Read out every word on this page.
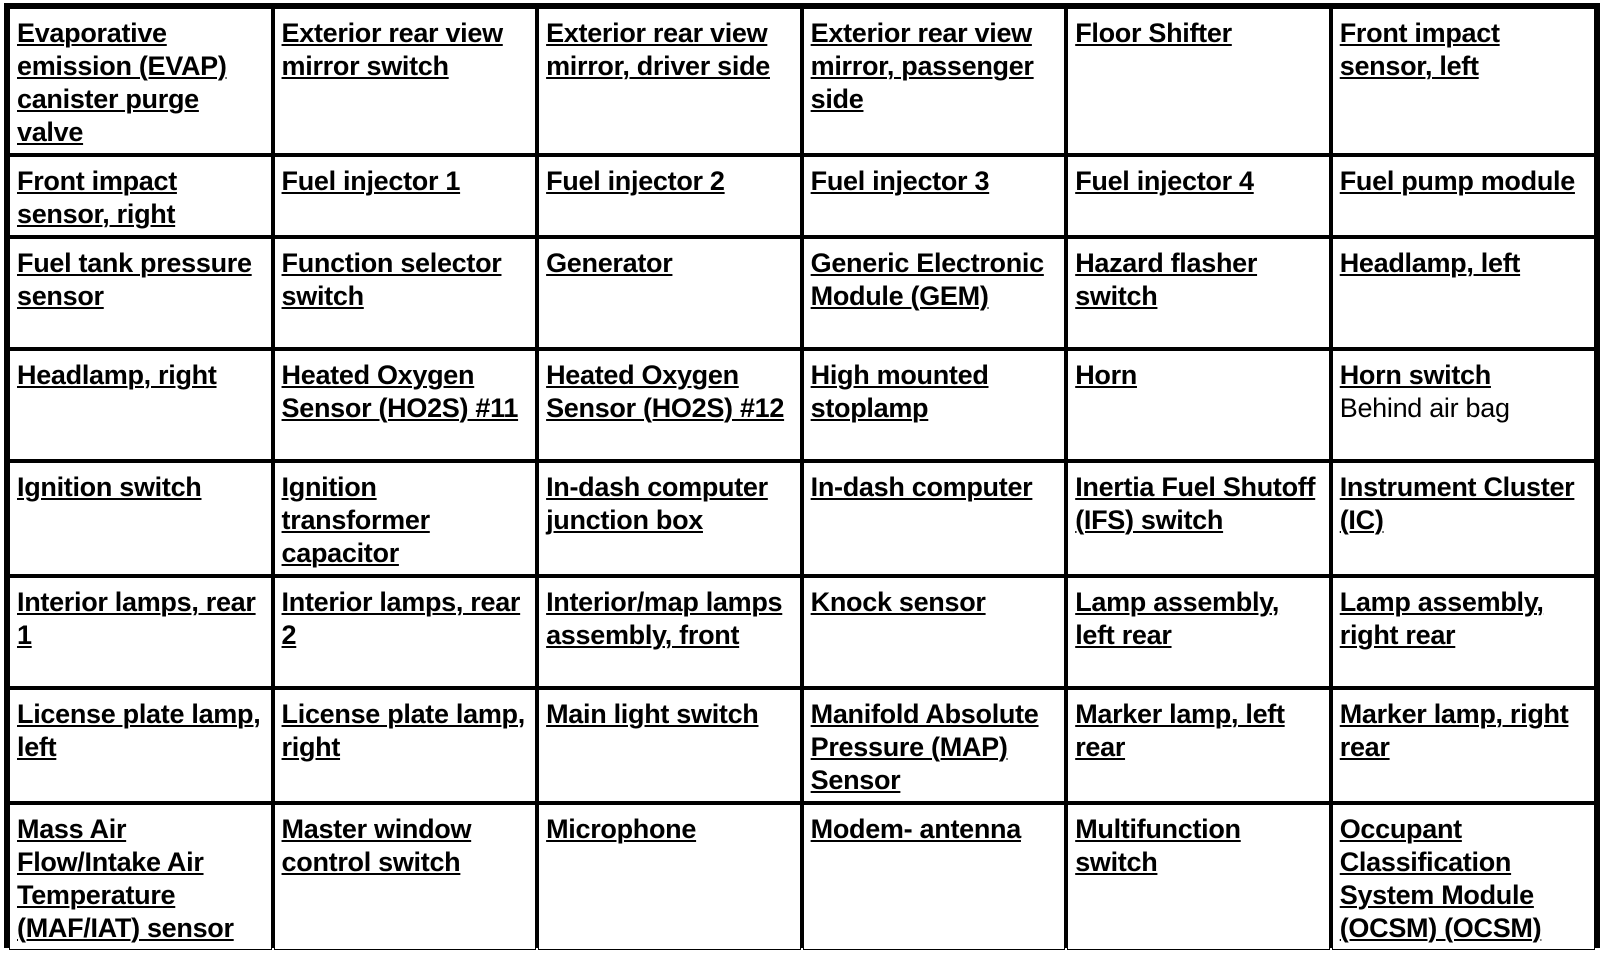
Evaporative emission (EVAP) canister purge valve	Exterior rear view mirror switch	Exterior rear view mirror, driver side	Exterior rear view mirror, passenger side	Floor Shifter	Front impact sensor, left

Front impact sensor, right	Fuel injector 1	Fuel injector 2	Fuel injector 3	Fuel injector 4	Fuel pump module

Fuel tank pressure sensor	Function selector switch	Generator	Generic Electronic Module (GEM)	Hazard flasher switch	Headlamp, left

Headlamp, right	Heated Oxygen Sensor (HO2S) #11	Heated Oxygen Sensor (HO2S) #12	High mounted stoplamp	Horn	Horn switch
Behind air bag

Ignition switch	Ignition transformer capacitor	In-dash computer junction box	In-dash computer	Inertia Fuel Shutoff (IFS) switch	Instrument Cluster (IC)

Interior lamps, rear 1	Interior lamps, rear 2	Interior/map lamps assembly, front	Knock sensor	Lamp assembly, left rear	Lamp assembly, right rear

License plate lamp, left	License plate lamp, right	Main light switch	Manifold Absolute Pressure (MAP) Sensor	Marker lamp, left rear	Marker lamp, right rear

Mass Air Flow/Intake Air Temperature (MAF/IAT) sensor	Master window control switch	Microphone	Modem- antenna	Multifunction switch	Occupant Classification System Module (OCSM) (OCSM)
